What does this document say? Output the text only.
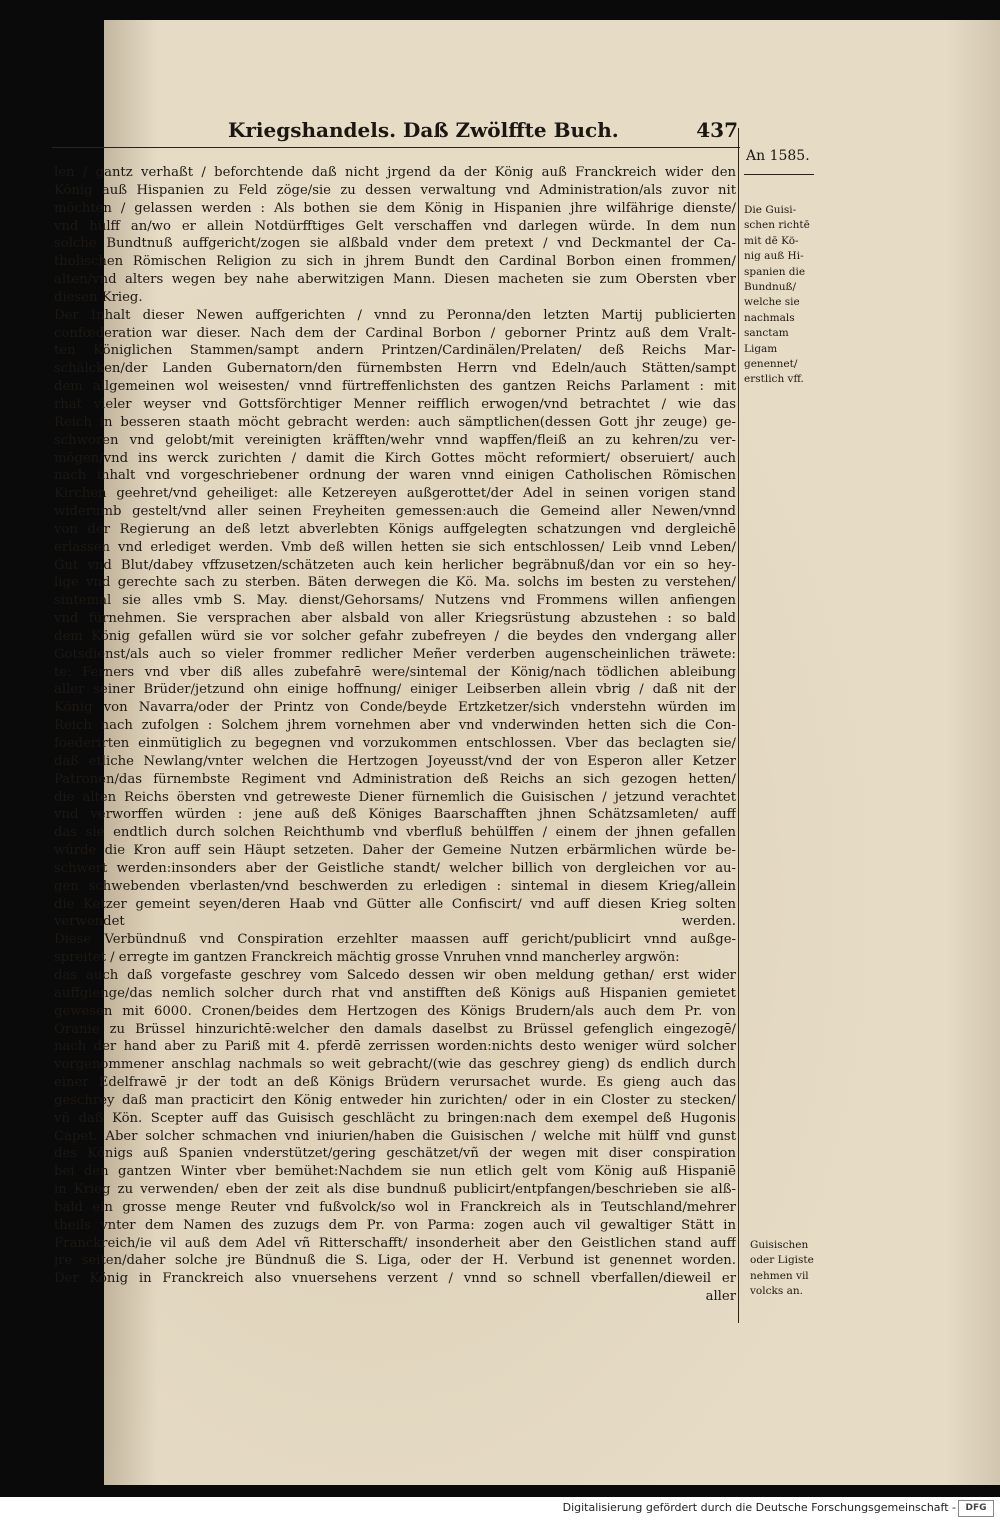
Kriegshandels. Daß Zwölffte Buch.	437
An 1585.
len / gantz verhaßt / beforchtende daß nicht jrgend da der König auß Franckreich wider den
König auß Hispanien zu Feld zöge/sie zu dessen verwaltung vnd Administration/als zuvor nit
möchten / gelassen werden : Als bothen sie dem König in Hispanien jhre wilfährige dienste/
vnd hülff an/wo er allein Notdürfftiges Gelt verschaffen vnd darlegen würde. In dem nun
solche Bundtnuß auffgericht/zogen sie alßbald vnder dem pretext / vnd Deckmantel der Ca-
tholischen Römischen Religion zu sich in jhrem Bundt den Cardinal Borbon einen frommen/
alten/vnd alters wegen bey nahe aberwitzigen Mann. Diesen macheten sie zum Obersten vber
diesen Krieg.
Der Inhalt dieser Newen auffgerichten / vnnd zu Peronna/den letzten Martij publicierten
confœderation war dieser. Nach dem der Cardinal Borbon / geborner Printz auß dem Vralt-
ten Königlichen Stammen/sampt andern Printzen/Cardinälen/Prelaten/ deß Reichs Mar-
schälcken/der Landen Gubernatorn/den fürnembsten Herrn vnd Edeln/auch Stätten/sampt
dem allgemeinen wol weisesten/ vnnd fürtreffenlichsten des gantzen Reichs Parlament : mit
rhat vieler weyser vnd Gottsförchtiger Menner reifflich erwogen/vnd betrachtet / wie das
Reich in besseren staath möcht gebracht werden: auch sämptlichen(dessen Gott jhr zeuge) ge-
schworen vnd gelobt/mit vereinigten kräfften/wehr vnnd wapffen/fleiß an zu kehren/zu ver-
mögen/vnd ins werck zurichten / damit die Kirch Gottes möcht reformiert/ obseruiert/ auch
nach inhalt vnd vorgeschriebener ordnung der waren vnnd einigen Catholischen Römischen
Kirchen geehret/vnd geheiliget: alle Ketzereyen außgerottet/der Adel in seinen vorigen stand
widerumb gestelt/vnd aller seinen Freyheiten gemessen:auch die Gemeind aller Newen/vnnd
von der Regierung an deß letzt abverlebten Königs auffgelegten schatzungen vnd dergleichē
erlassen vnd erlediget werden. Vmb deß willen hetten sie sich entschlossen/ Leib vnnd Leben/
Gut vnd Blut/dabey vffzusetzen/schätzeten auch kein herlicher begräbnuß/dan vor ein so hey-
lige vnd gerechte sach zu sterben. Bäten derwegen die Kö. Ma. solchs im besten zu verstehen/
sintemal sie alles vmb S. May. dienst/Gehorsams/ Nutzens vnd Frommens willen anfiengen
vnd fürnehmen. Sie versprachen aber alsbald von aller Kriegsrüstung abzustehen : so bald
dem König gefallen würd sie vor solcher gefahr zubefreyen / die beydes den vndergang aller
Gotsdienst/als auch so vieler frommer redlicher Meñer verderben augenscheinlichen träwete:
te: Ferners vnd vber diß alles zubefahrē were/sintemal der König/nach tödlichen ableibung
aller seiner Brüder/jetzund ohn einige hoffnung/ einiger Leibserben allein vbrig / daß nit der
König von Navarra/oder der Printz von Conde/beyde Ertzketzer/sich vnderstehn würden im
Reich nach zufolgen : Solchem jhrem vornehmen aber vnd vnderwinden hetten sich die Con-
foederirten einmütiglich zu begegnen vnd vorzukommen entschlossen. Vber das beclagten sie/
daß etliche Newlang/vnter welchen die Hertzogen Joyeusst/vnd der von Esperon aller Ketzer
Patronen/das fürnembste Regiment vnd Administration deß Reichs an sich gezogen hetten/
die alten Reichs öbersten vnd getreweste Diener fürnemlich die Guisischen / jetzund verachtet
vnd verworffen würden : jene auß deß Königes Baarschafften jhnen Schätzsamleten/ auff
das sie endtlich durch solchen Reichthumb vnd vberfluß behülffen / einem der jhnen gefallen
würde die Kron auff sein Häupt setzeten. Daher der Gemeine Nutzen erbärmlichen würde be-
schwert werden:insonders aber der Geistliche standt/ welcher billich von dergleichen vor au-
gen schwebenden vberlasten/vnd beschwerden zu erledigen : sintemal in diesem Krieg/allein
die Ketzer gemeint seyen/deren Haab vnd Gütter alle Confiscirt/ vnd auff diesen Krieg solten
verwendet werden.
Diese Verbündnuß vnd Conspiration erzehlter maassen auff gericht/publicirt vnnd außge-
spreitet / erregte im gantzen Franckreich mächtig grosse Vnruhen vnnd mancherley argwön:
das auch daß vorgefaste geschrey vom Salcedo dessen wir oben meldung gethan/ erst wider
auffgienge/das nemlich solcher durch rhat vnd anstifften deß Königs auß Hispanien gemietet
gewesen mit 6000. Cronen/beides dem Hertzogen des Königs Brudern/als auch dem Pr. von
Oranie zu Brüssel hinzurichtē:welcher den damals daselbst zu Brüssel gefenglich eingezogē/
nach der hand aber zu Pariß mit 4. pferdē zerrissen worden:nichts desto weniger würd solcher
vorgenommener anschlag nachmals so weit gebracht/(wie das geschrey gieng) ds endlich durch
einer Edelfrawē jr der todt an deß Königs Brüdern verursachet wurde. Es gieng auch das
geschrey daß man practicirt den König entweder hin zurichten/ oder in ein Closter zu stecken/
vñ daß Kön. Scepter auff das Guisisch geschlächt zu bringen:nach dem exempel deß Hugonis
Capet. Aber solcher schmachen vnd iniurien/haben die Guisischen / welche mit hülff vnd gunst
des Königs auß Spanien vnderstützet/gering geschätzet/vñ der wegen mit diser conspiration
bei den gantzen Winter vber bemühet:Nachdem sie nun etlich gelt vom König auß Hispaniē
in Krieg zu verwenden/ eben der zeit als dise bundnuß publicirt/entpfangen/beschrieben sie alß-
bald ein grosse menge Reuter vnd fußvolck/so wol in Franckreich als in Teutschland/mehrer
theils vnter dem Namen des zuzugs dem Pr. von Parma: zogen auch vil gewaltiger Stätt in
Franckreich/ie vil auß dem Adel vñ Ritterschafft/ insonderheit aber den Geistlichen stand auff
jre seiten/daher solche jre Bündnuß die S. Liga, oder der H. Verbund ist genennet worden.
Der König in Franckreich also vnuersehens verzent / vnnd so schnell vberfallen/dieweil er
aller
Die Guisi-
schen richtē
mit dē Kö-
nig auß Hi-
spanien die
Bundnuß/
welche sie
nachmals
sanctam
Ligam
genennet/
erstlich vff.
Guisischen
oder Ligiste
nehmen vil
volcks an.
Digitalisierung gefördert durch die Deutsche Forschungsgemeinschaft -	DFG
